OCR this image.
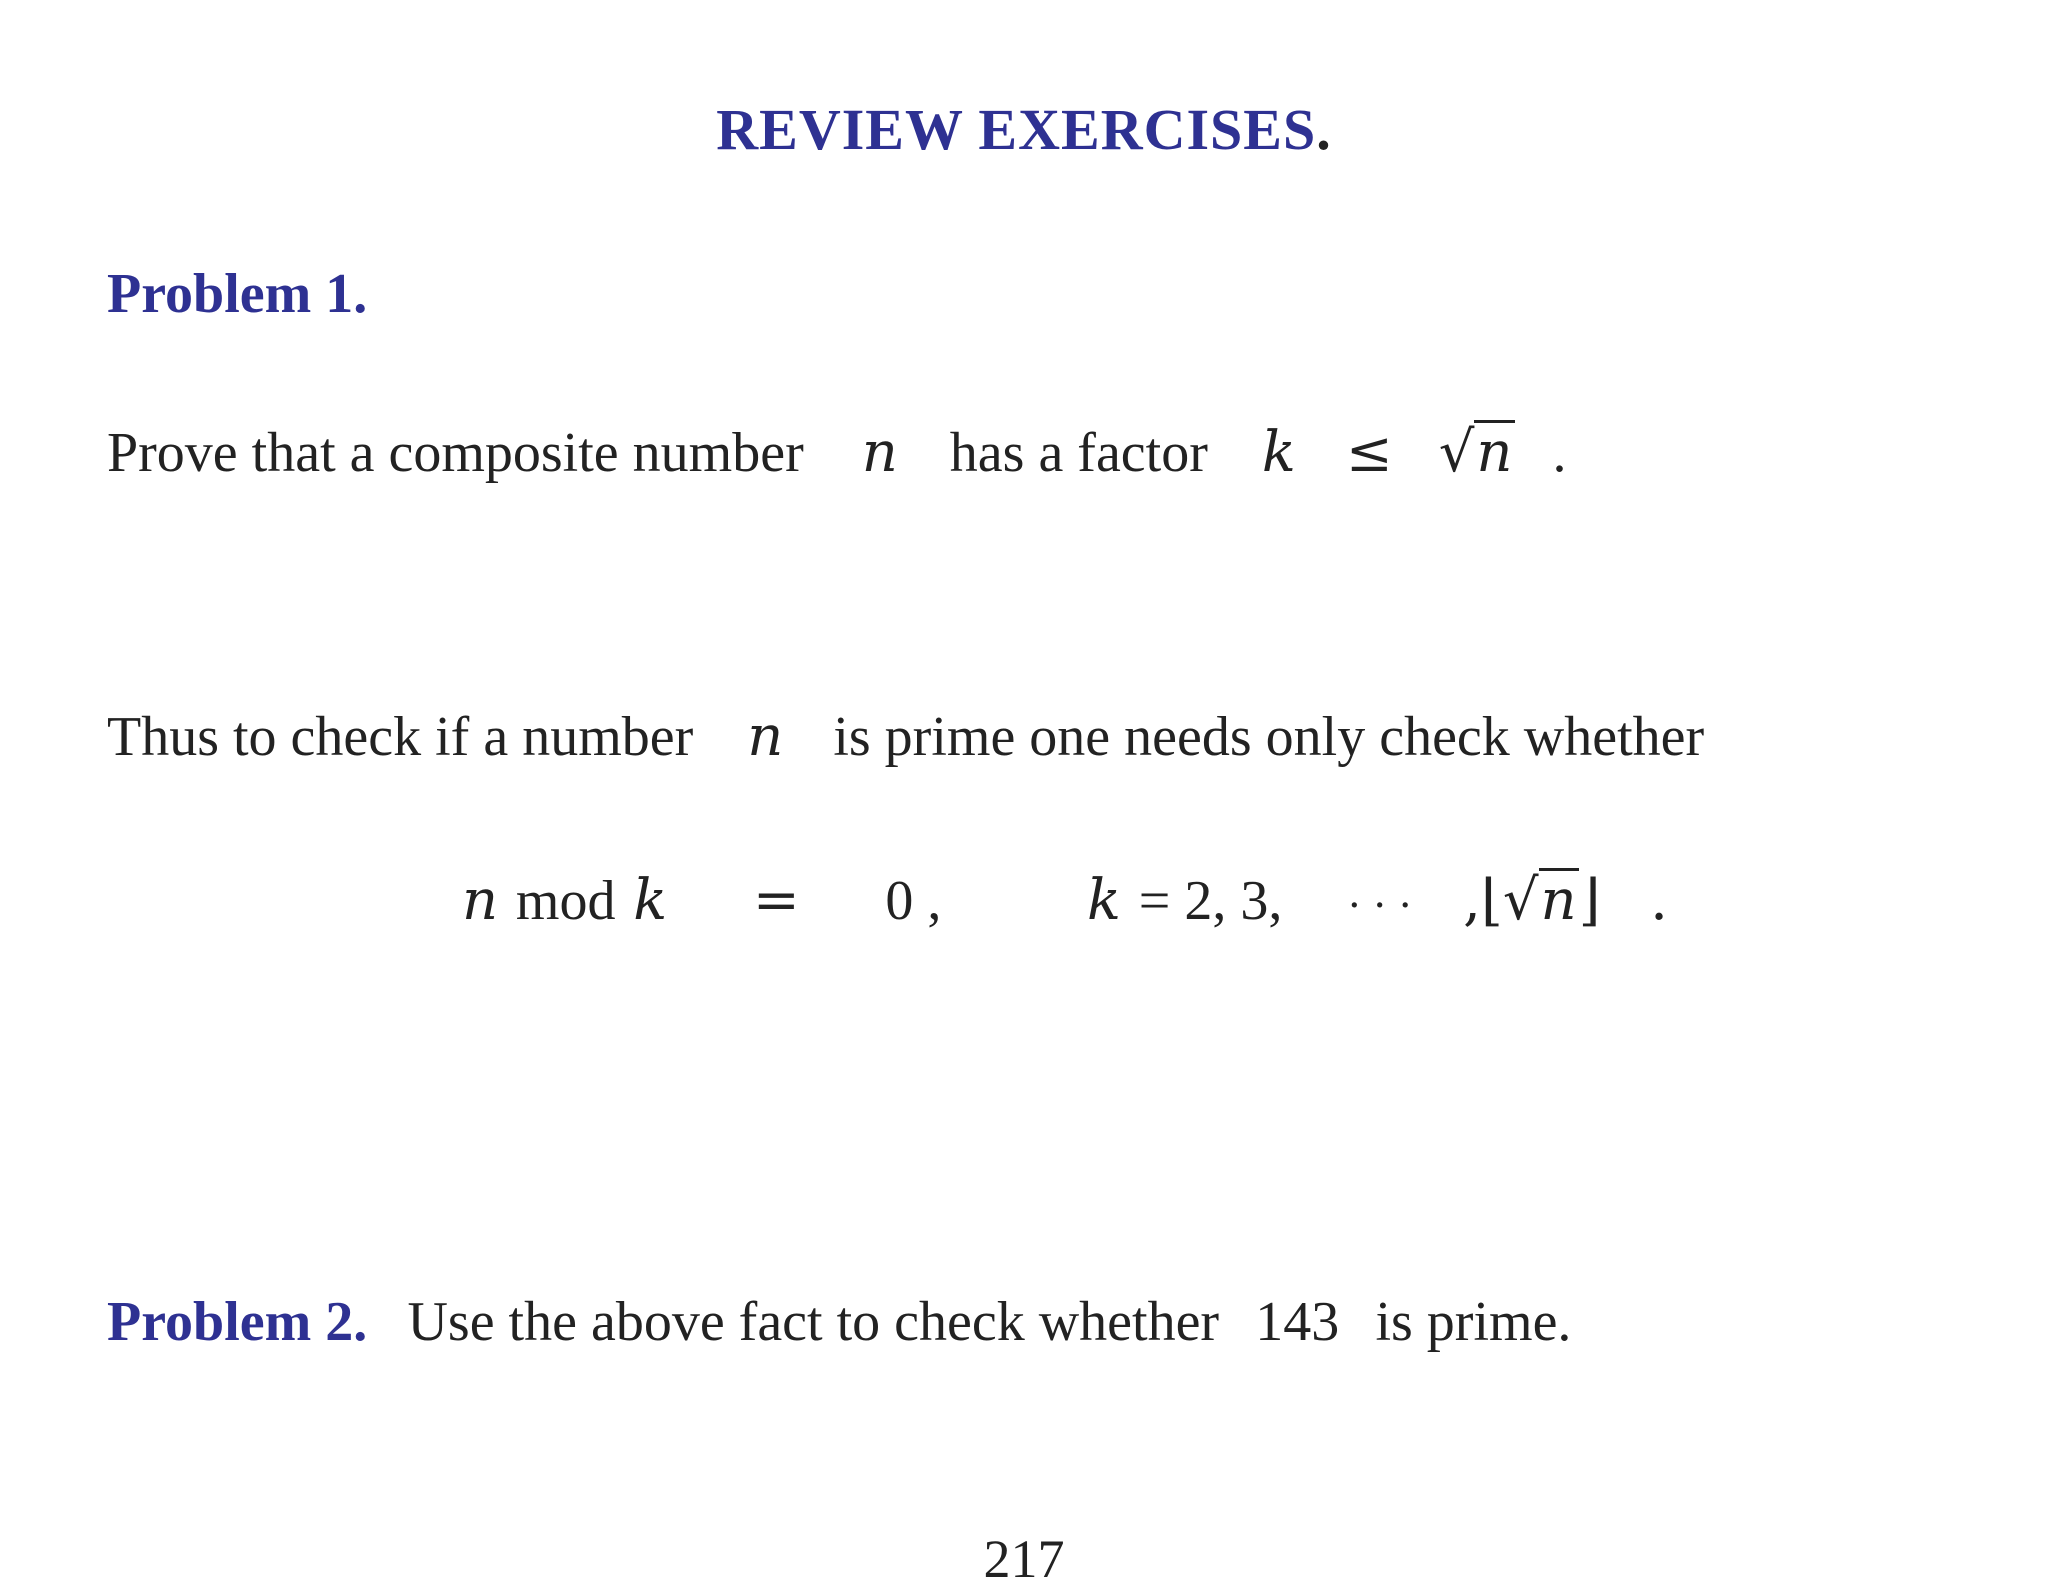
REVIEW EXERCISES.
Problem 1.
Prove that a composite number n has a factor k ≤ √n .
Thus to check if a number n is prime one needs only check whether
n mod k = 0 ,	k = 2, 3, · · · ,⌊√n⌋ .
Problem 2. Use the above fact to check whether 143 is prime.
217
